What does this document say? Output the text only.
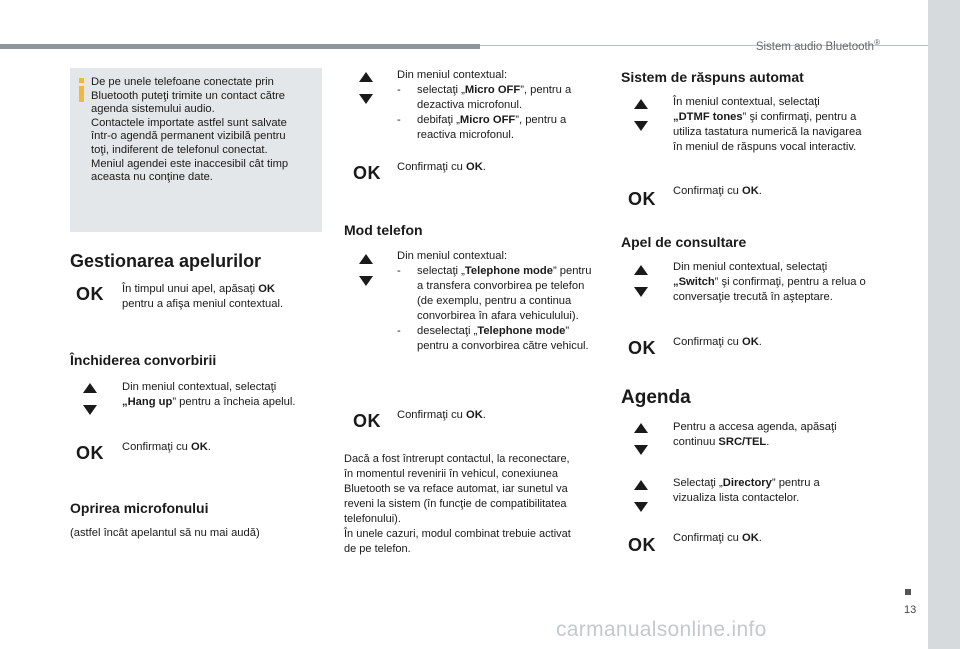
Sistem audio Bluetooth®
13
carmanualsonline.info
De pe unele telefoane conectate prin
Bluetooth puteţi trimite un contact către
agenda sistemului audio.
Contactele importate astfel sunt salvate
într-o agendă permanent vizibilă pentru
toţi, indiferent de telefonul conectat.
Meniul agendei este inaccesibil cât timp
aceasta nu conţine date.
Gestionarea apelurilor
OK În timpul unui apel, apăsaţi OK
pentru a afişa meniul contextual.
Închiderea convorbirii
Din meniul contextual, selectaţi
„Hang up” pentru a încheia apelul.
OK Confirmaţi cu OK.
Oprirea microfonului
(astfel încât apelantul să nu mai audă)
Din meniul contextual:
- selectaţi „Micro OFF”, pentru a dezactiva microfonul.
- debifaţi „Micro OFF”, pentru a reactiva microfonul.
OK Confirmaţi cu OK.
Mod telefon
Din meniul contextual:
- selectaţi „Telephone mode” pentru a transfera convorbirea pe telefon (de exemplu, pentru a continua convorbirea în afara vehiculului).
- deselectaţi „Telephone mode” pentru a convorbirea către vehicul.
OK Confirmaţi cu OK.
Dacă a fost întrerupt contactul, la reconectare,
în momentul revenirii în vehicul, conexiunea
Bluetooth se va reface automat, iar sunetul va
reveni la sistem (în funcţie de compatibilitatea
telefonului).
În unele cazuri, modul combinat trebuie activat
de pe telefon.
Sistem de răspuns automat
În meniul contextual, selectaţi
„DTMF tones” şi confirmaţi, pentru a utiliza tastatura numerică la navigarea în meniul de răspuns vocal interactiv.
OK Confirmaţi cu OK.
Apel de consultare
Din meniul contextual, selectaţi
„Switch” şi confirmaţi, pentru a relua o conversaţie trecută în aşteptare.
OK Confirmaţi cu OK.
Agenda
Pentru a accesa agenda, apăsaţi continuu SRC/TEL.
Selectaţi „Directory” pentru a vizualiza lista contactelor.
OK Confirmaţi cu OK.
